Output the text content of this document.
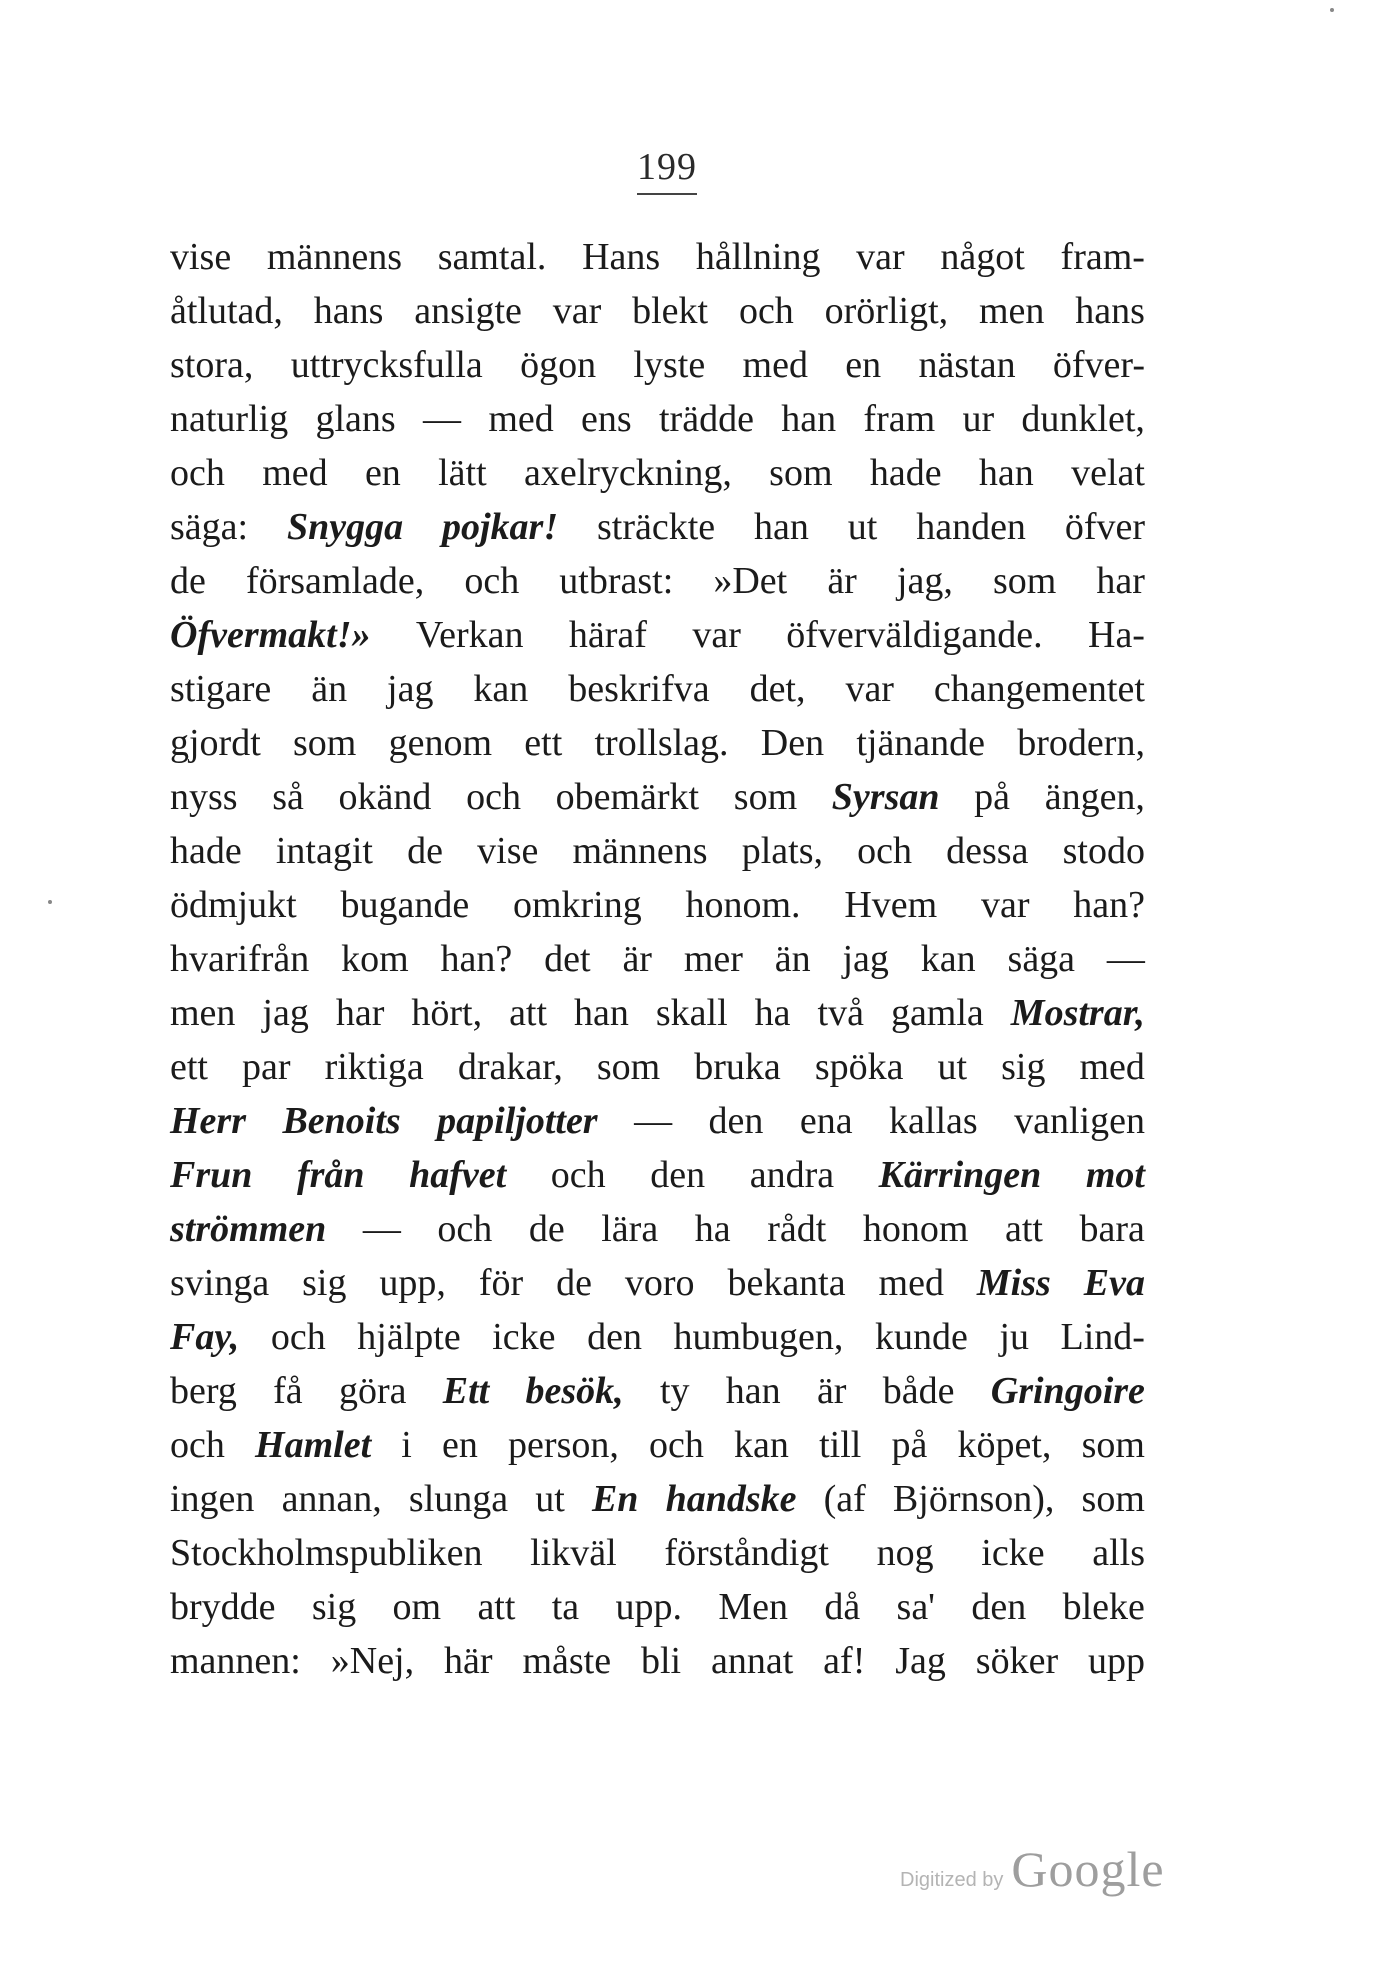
199
vise männens samtal. Hans hållning var något fram-
åtlutad, hans ansigte var blekt och orörligt, men hans
stora, uttrycksfulla ögon lyste med en nästan öfver-
naturlig glans — med ens trädde han fram ur dunklet,
och med en lätt axelryckning, som hade han velat
säga: Snygga pojkar! sträckte han ut handen öfver
de församlade, och utbrast: »Det är jag, som har
Öfvermakt!» Verkan häraf var öfverväldigande. Ha-
stigare än jag kan beskrifva det, var changementet
gjordt som genom ett trollslag. Den tjänande brodern,
nyss så okänd och obemärkt som Syrsan på ängen,
hade intagit de vise männens plats, och dessa stodo
ödmjukt bugande omkring honom. Hvem var han?
hvarifrån kom han? det är mer än jag kan säga —
men jag har hört, att han skall ha två gamla Mostrar,
ett par riktiga drakar, som bruka spöka ut sig med
Herr Benoits papiljotter — den ena kallas vanligen
Frun från hafvet och den andra Kärringen mot
strömmen — och de lära ha rådt honom att bara
svinga sig upp, för de voro bekanta med Miss Eva
Fay, och hjälpte icke den humbugen, kunde ju Lind-
berg få göra Ett besök, ty han är både Gringoire
och Hamlet i en person, och kan till på köpet, som
ingen annan, slunga ut En handske (af Björnson), som
Stockholmspubliken likväl förståndigt nog icke alls
brydde sig om att ta upp. Men då sa' den bleke
mannen: »Nej, här måste bli annat af! Jag söker upp
Digitized by Google
